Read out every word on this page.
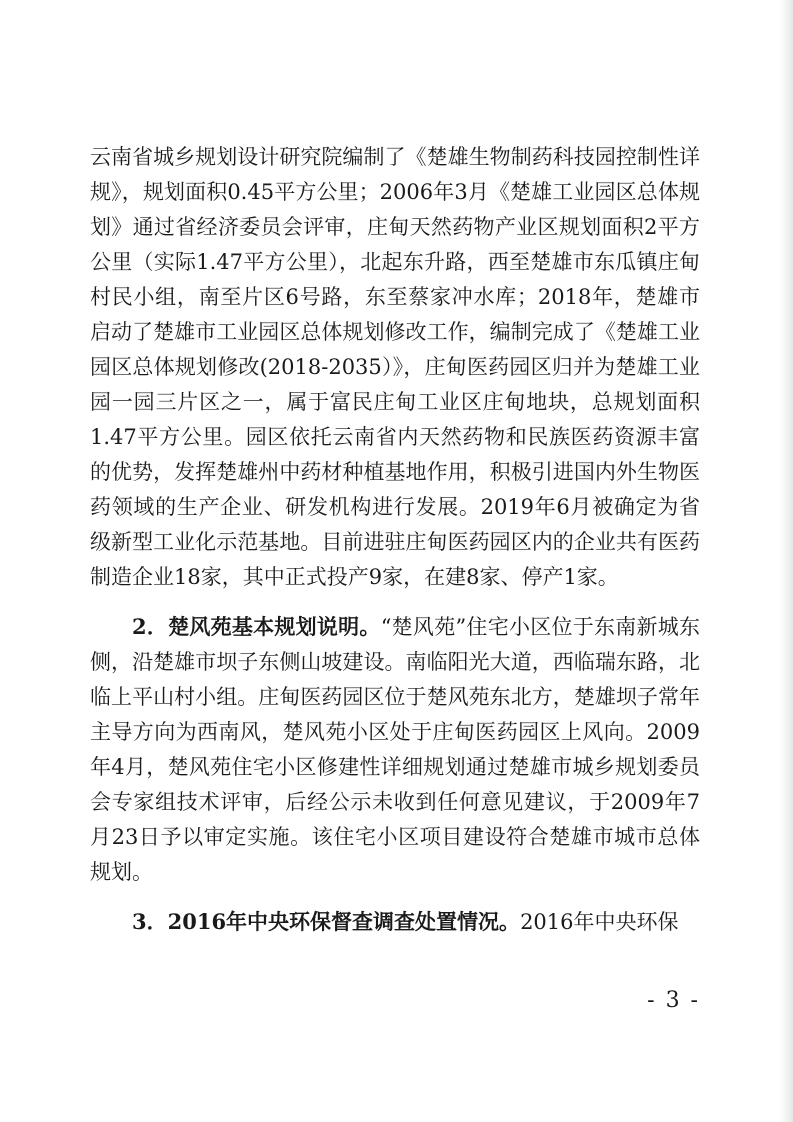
云南省城乡规划设计研究院编制了《楚雄生物制药科技园控制性详规》，规划面积0.45平方公里；2006年3月《楚雄工业园区总体规划》通过省经济委员会评审，庄甸天然药物产业区规划面积2平方公里（实际1.47平方公里），北起东升路，西至楚雄市东瓜镇庄甸村民小组，南至片区6号路，东至蔡家冲水库；2018年，楚雄市启动了楚雄市工业园区总体规划修改工作，编制完成了《楚雄工业园区总体规划修改(2018-2035）》，庄甸医药园区归并为楚雄工业园一园三片区之一，属于富民庄甸工业区庄甸地块，总规划面积1.47平方公里。园区依托云南省内天然药物和民族医药资源丰富的优势，发挥楚雄州中药材种植基地作用，积极引进国内外生物医药领域的生产企业、研发机构进行发展。2019年6月被确定为省级新型工业化示范基地。目前进驻庄甸医药园区内的企业共有医药制造企业18家，其中正式投产9家，在建8家、停产1家。

2．楚风苑基本规划说明。“楚风苑”住宅小区位于东南新城东侧，沿楚雄市坝子东侧山坡建设。南临阳光大道，西临瑞东路，北临上平山村小组。庄甸医药园区位于楚风苑东北方，楚雄坝子常年主导方向为西南风，楚风苑小区处于庄甸医药园区上风向。2009年4月，楚风苑住宅小区修建性详细规划通过楚雄市城乡规划委员会专家组技术评审，后经公示未收到任何意见建议，于2009年7月23日予以审定实施。该住宅小区项目建设符合楚雄市城市总体规划。

3．2016年中央环保督查调查处置情况。2016年中央环保

- 3 -
